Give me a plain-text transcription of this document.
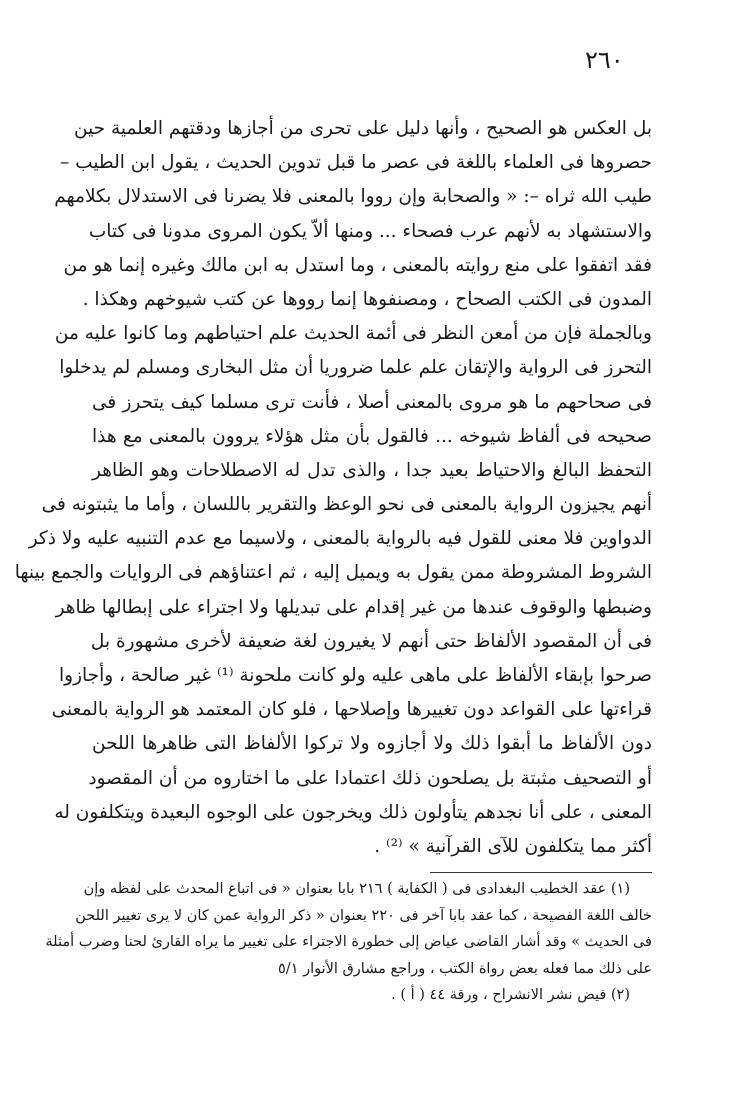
٢٦٠
بل العكس هو الصحيح ، وأنها دليل على تحرى من أجازها ودقتهم العلمية حين
حصروها فى العلماء باللغة فى عصر ما قبل تدوين الحديث ، يقول ابن الطيب –
طيب الله ثراه –: « والصحابة وإن رووا بالمعنى فلا يضرنا فى الاستدلال بكلامهم
والاستشهاد به لأنهم عرب فصحاء ... ومنها ألاّ يكون المروى مدونا فى كتاب
فقد اتفقوا على منع روايته بالمعنى ، وما استدل به ابن مالك وغيره إنما هو من
المدون فى الكتب الصحاح ، ومصنفوها إنما رووها عن كتب شيوخهم وهكذا .
وبالجملة فإن من أمعن النظر فى أئمة الحديث علم احتياطهم وما كانوا عليه من
التحرز فى الرواية والإتقان علم علما ضروريا أن مثل البخارى ومسلم لم يدخلوا
فى صحاحهم ما هو مروى بالمعنى أصلا ، فأنت ترى مسلما كيف يتحرز فى
صحيحه فى ألفاظ شيوخه ... فالقول بأن مثل هؤلاء يروون بالمعنى مع هذا
التحفظ البالغ والاحتياط بعيد جدا ، والذى تدل له الاصطلاحات وهو الظاهر
أنهم يجيزون الرواية بالمعنى فى نحو الوعظ والتقرير باللسان ، وأما ما يثبتونه فى
الدواوين فلا معنى للقول فيه بالرواية بالمعنى ، ولاسيما مع عدم التنبيه عليه ولا ذكر
الشروط المشروطة ممن يقول به ويميل إليه ، ثم اعتناؤهم فى الروايات والجمع بينها
وضبطها والوقوف عندها من غير إقدام على تبديلها ولا اجتراء على إبطالها ظاهر
فى أن المقصود الألفاظ حتى أنهم لا يغيرون لغة ضعيفة لأخرى مشهورة بل
صرحوا بإبقاء الألفاظ على ماهى عليه ولو كانت ملحونة ⁽¹⁾ غير صالحة ، وأجازوا
قراءتها على القواعد دون تغييرها وإصلاحها ، فلو كان المعتمد هو الرواية بالمعنى
دون الألفاظ ما أبقوا ذلك ولا أجازوه ولا تركوا الألفاظ التى ظاهرها اللحن
أو التصحيف مثبتة بل يصلحون ذلك اعتمادا على ما اختاروه من أن المقصود
المعنى ، على أنا نجدهم يتأولون ذلك ويخرجون على الوجوه البعيدة ويتكلفون له
أكثر مما يتكلفون للآى القرآنية » ⁽²⁾ .
(١) عقد الخطيب البغدادى فى ( الكفاية ) ٢١٦ بابا بعنوان « فى اتباع المحدث على لفظه وإن
خالف اللغة الفصيحة ، كما عقد بابا آخر فى ٢٢٠ بعنوان « ذكر الرواية عمن كان لا يرى تغيير اللحن
فى الحديث » وقد أشار القاضى عياض إلى خطورة الاجتراء على تغيير ما يراه القارئ لحنا وضرب أمثلة
على ذلك مما فعله بعض رواة الكتب ، وراجع مشارق الأنوار ٥/١
(٢) فيض نشر الانشراح ، ورقة ٤٤ ( أ ) .
